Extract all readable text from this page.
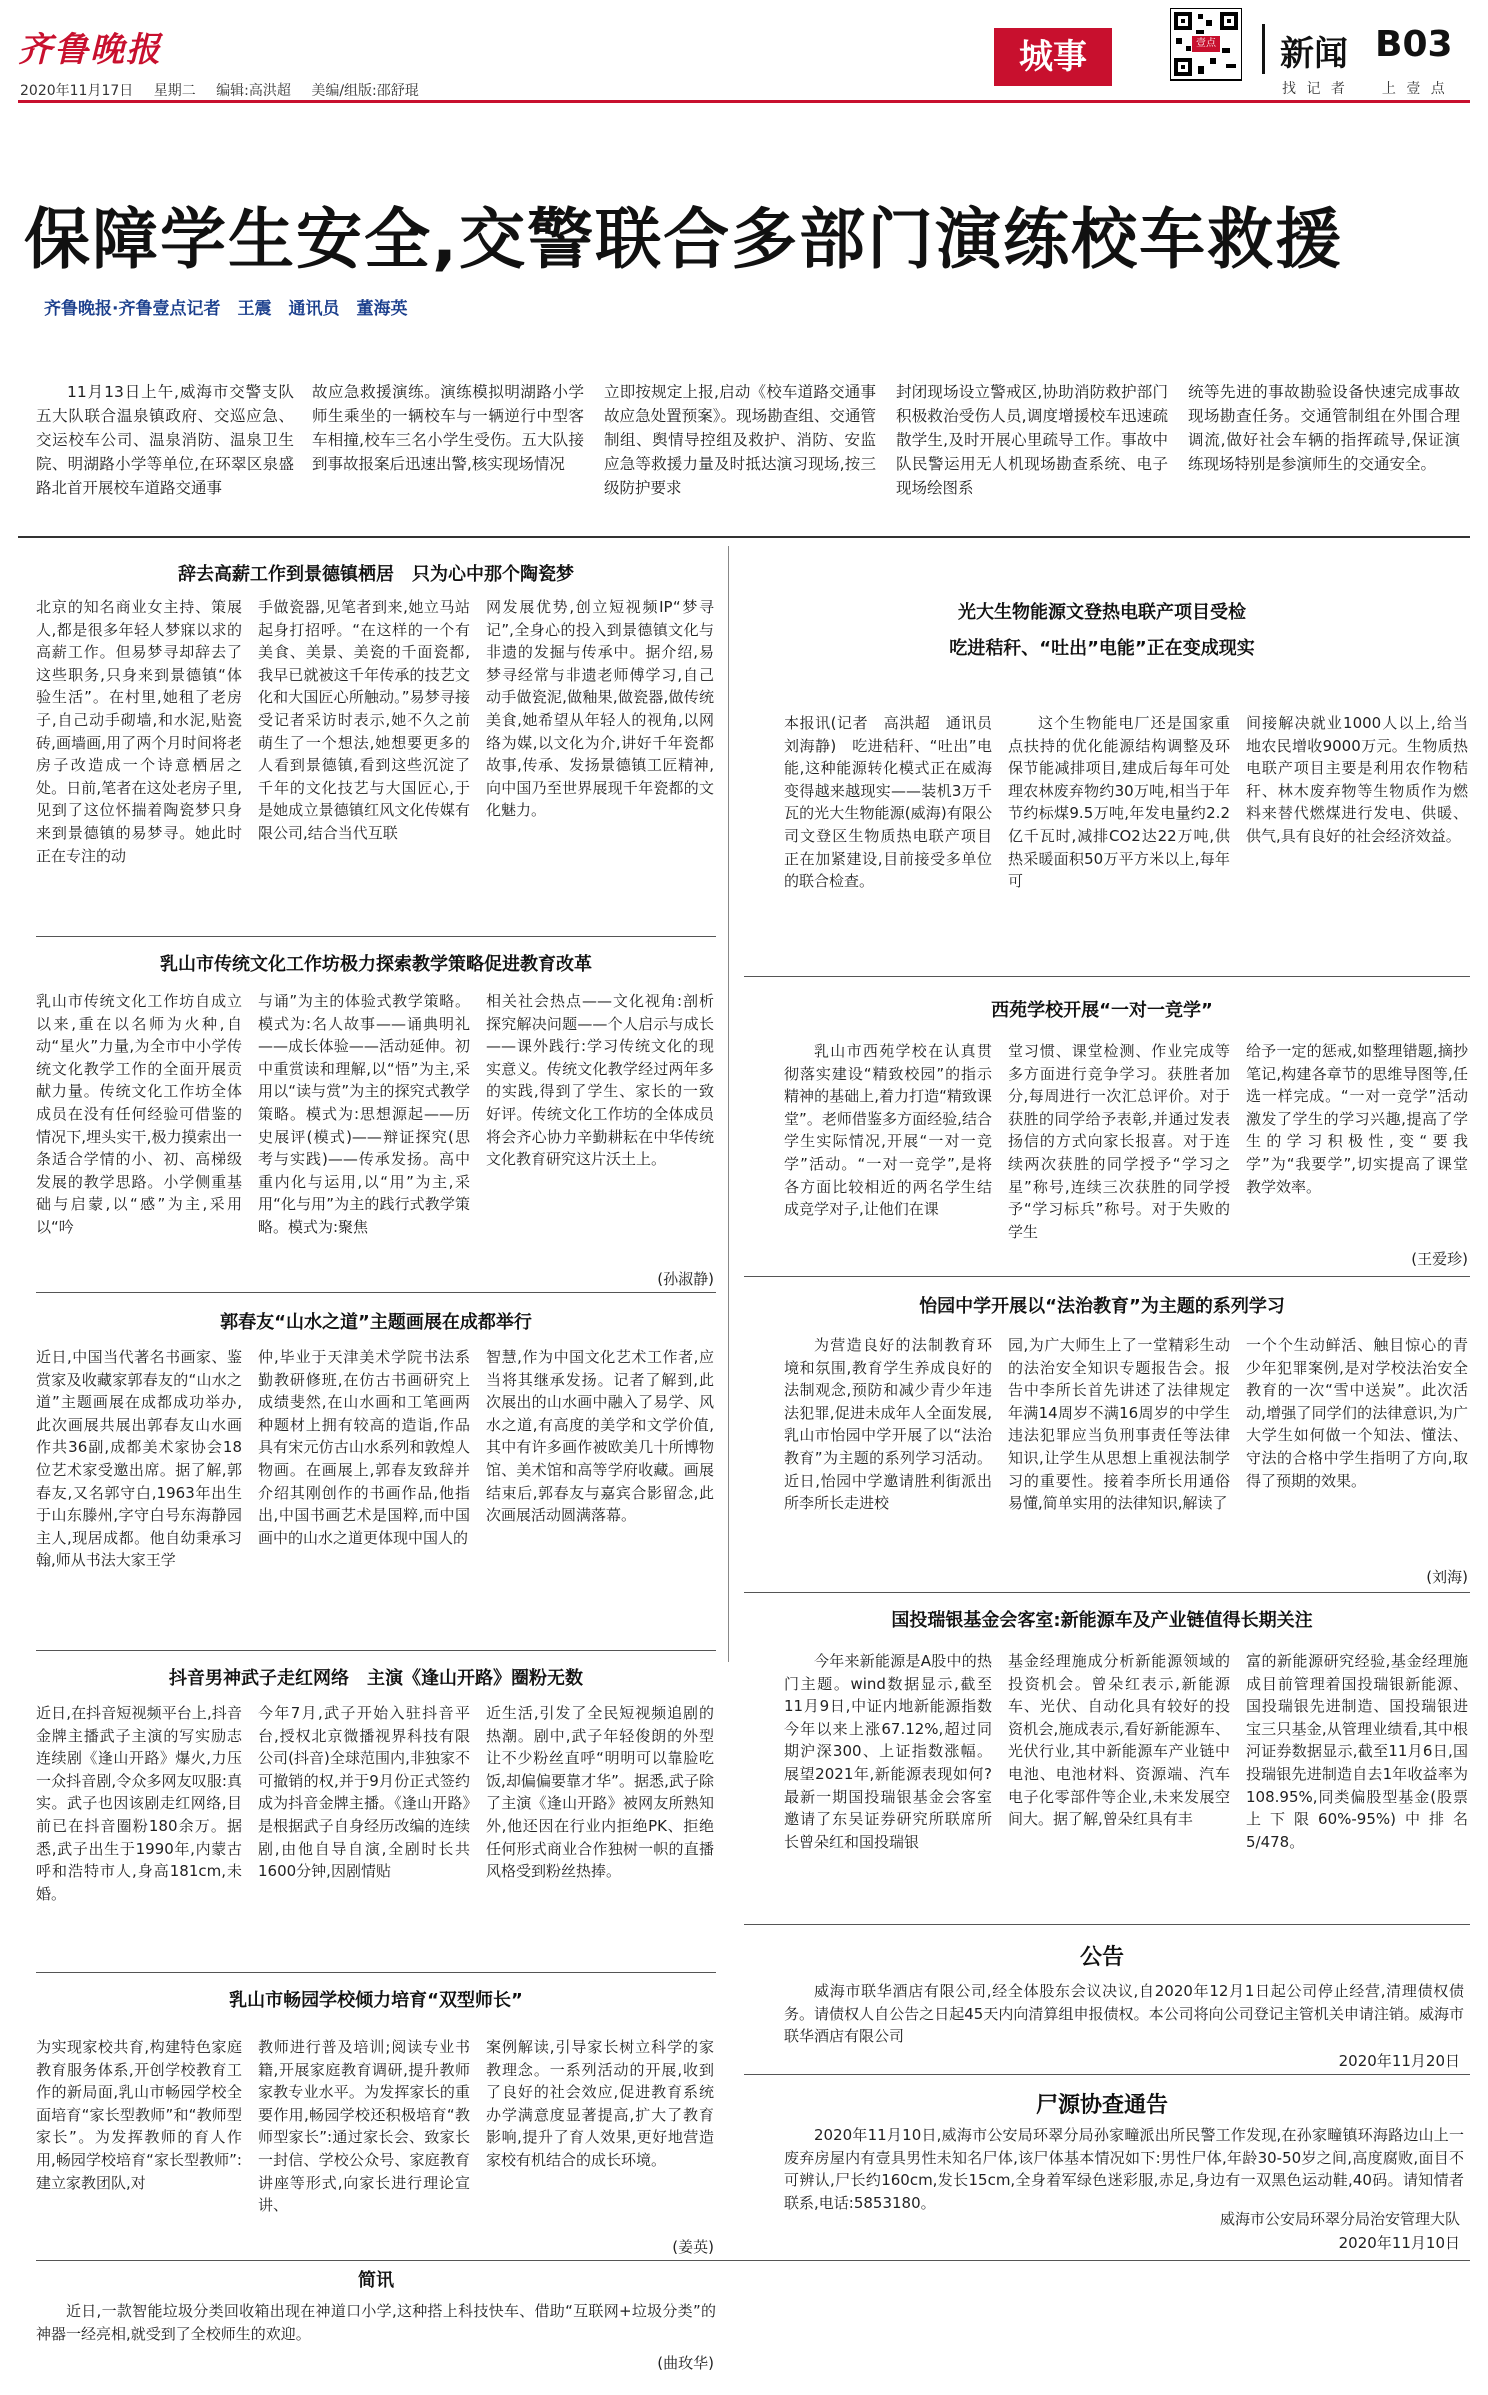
齐鲁晚报
2020年11月17日 星期二 编辑:高洪超 美编/组版:邵舒琨
城事	壹点 新闻 B03
找 记 者　　上 壹 点
保障学生安全,交警联合多部门演练校车救援
齐鲁晚报·齐鲁壹点记者　王震　通讯员　董海英
11月13日上午,威海市交警支队五大队联合温泉镇政府、交巡应急、交运校车公司、温泉消防、温泉卫生院、明湖路小学等单位,在环翠区泉盛路北首开展校车道路交通事
故应急救援演练。演练模拟明湖路小学师生乘坐的一辆校车与一辆逆行中型客车相撞,校车三名小学生受伤。五大队接到事故报案后迅速出警,核实现场情况
立即按规定上报,启动《校车道路交通事故应急处置预案》。现场勘查组、交通管制组、舆情导控组及救护、消防、安监应急等救援力量及时抵达演习现场,按三级防护要求
封闭现场设立警戒区,协助消防救护部门积极救治受伤人员,调度增援校车迅速疏散学生,及时开展心里疏导工作。事故中队民警运用无人机现场勘查系统、电子现场绘图系
统等先进的事故勘验设备快速完成事故现场勘查任务。交通管制组在外围合理调流,做好社会车辆的指挥疏导,保证演练现场特别是参演师生的交通安全。
辞去高薪工作到景德镇栖居　只为心中那个陶瓷梦
北京的知名商业女主持、策展人,都是很多年轻人梦寐以求的高薪工作。但易梦寻却辞去了这些职务,只身来到景德镇“体验生活”。在村里,她租了老房子,自己动手砌墙,和水泥,贴瓷砖,画墙画,用了两个月时间将老房子改造成一个诗意栖居之处。日前,笔者在这处老房子里,见到了这位怀揣着陶瓷梦只身来到景德镇的易梦寻。她此时正在专注的动
手做瓷器,见笔者到来,她立马站起身打招呼。“在这样的一个有美食、美景、美瓷的千面瓷都,我早已就被这千年传承的技艺文化和大国匠心所触动。”易梦寻接受记者采访时表示,她不久之前萌生了一个想法,她想要更多的人看到景德镇,看到这些沉淀了千年的文化技艺与大国匠心,于是她成立景德镇红风文化传媒有限公司,结合当代互联
网发展优势,创立短视频IP“梦寻记”,全身心的投入到景德镇文化与非遗的发掘与传承中。据介绍,易梦寻经常与非遗老师傅学习,自己动手做瓷泥,做釉果,做瓷器,做传统美食,她希望从年轻人的视角,以网络为媒,以文化为介,讲好千年瓷都故事,传承、发扬景德镇工匠精神,向中国乃至世界展现千年瓷都的文化魅力。
乳山市传统文化工作坊极力探索教学策略促进教育改革
乳山市传统文化工作坊自成立以来,重在以名师为火种,自动“星火”力量,为全市中小学传统文化教学工作的全面开展贡献力量。传统文化工作坊全体成员在没有任何经验可借鉴的情况下,埋头实干,极力摸索出一条适合学情的小、初、高梯级发展的教学思路。小学侧重基础与启蒙,以“感”为主,采用以“吟
与诵”为主的体验式教学策略。模式为:名人故事——诵典明礼——成长体验——活动延伸。初中重赏读和理解,以“悟”为主,采用以“读与赏”为主的探究式教学策略。模式为:思想源起——历史展评(模式)——辩证探究(思考与实践)——传承发扬。高中重内化与运用,以“用”为主,采用“化与用”为主的践行式教学策略。模式为:聚焦
相关社会热点——文化视角:剖析探究解决问题——个人启示与成长——课外践行:学习传统文化的现实意义。传统文化教学经过两年多的实践,得到了学生、家长的一致好评。传统文化工作坊的全体成员将会齐心协力辛勤耕耘在中华传统文化教育研究这片沃土上。
(孙淑静)
郭春友“山水之道”主题画展在成都举行
近日,中国当代著名书画家、鉴赏家及收藏家郭春友的“山水之道”主题画展在成都成功举办,此次画展共展出郭春友山水画作共36副,成都美术家协会18位艺术家受邀出席。据了解,郭春友,又名郭守白,1963年出生于山东滕州,字守白号东海静园主人,现居成都。他自幼秉承习翰,师从书法大家王学
仲,毕业于天津美术学院书法系勤教研修班,在仿古书画研究上成绩斐然,在山水画和工笔画两种题材上拥有较高的造诣,作品具有宋元仿古山水系列和敦煌人物画。在画展上,郭春友致辞并介绍其刚创作的书画作品,他指出,中国书画艺术是国粹,而中国画中的山水之道更体现中国人的
智慧,作为中国文化艺术工作者,应当将其继承发扬。记者了解到,此次展出的山水画中融入了易学、风水之道,有高度的美学和文学价值,其中有许多画作被欧美几十所博物馆、美术馆和高等学府收藏。画展结束后,郭春友与嘉宾合影留念,此次画展活动圆满落幕。
抖音男神武子走红网络　主演《逢山开路》圈粉无数
近日,在抖音短视频平台上,抖音金牌主播武子主演的写实励志连续剧《逢山开路》爆火,力压一众抖音剧,令众多网友叹服:真实。武子也因该剧走红网络,目前已在抖音圈粉180余万。据悉,武子出生于1990年,内蒙古呼和浩特市人,身高181cm,未婚。
今年7月,武子开始入驻抖音平台,授权北京微播视界科技有限公司(抖音)全球范围内,非独家不可撤销的权,并于9月份正式签约成为抖音金牌主播。《逢山开路》是根据武子自身经历改编的连续剧,由他自导自演,全剧时长共1600分钟,因剧情贴
近生活,引发了全民短视频追剧的热潮。剧中,武子年轻俊朗的外型让不少粉丝直呼“明明可以靠脸吃饭,却偏偏要靠才华”。据悉,武子除了主演《逢山开路》被网友所熟知外,他还因在行业内拒绝PK、拒绝任何形式商业合作独树一帜的直播风格受到粉丝热捧。
乳山市畅园学校倾力培育“双型师长”
为实现家校共育,构建特色家庭教育服务体系,开创学校教育工作的新局面,乳山市畅园学校全面培育“家长型教师”和“教师型家长”。为发挥教师的育人作用,畅园学校培育“家长型教师”:建立家教团队,对
教师进行普及培训;阅读专业书籍,开展家庭教育调研,提升教师家教专业水平。为发挥家长的重要作用,畅园学校还积极培育“教师型家长”:通过家长会、致家长一封信、学校公众号、家庭教育讲座等形式,向家长进行理论宣讲、
案例解读,引导家长树立科学的家教理念。一系列活动的开展,收到了良好的社会效应,促进教育系统办学满意度显著提高,扩大了教育影响,提升了育人效果,更好地营造家校有机结合的成长环境。
(姜英)
简讯
近日,一款智能垃圾分类回收箱出现在神道口小学,这种搭上科技快车、借助“互联网+垃圾分类”的神器一经亮相,就受到了全校师生的欢迎。
(曲玫华)
光大生物能源文登热电联产项目受检
吃进秸秆、“吐出”电能”正在变成现实
本报讯(记者　高洪超　通讯员　刘海静)　吃进秸秆、“吐出”电能,这种能源转化模式正在威海变得越来越现实——装机3万千瓦的光大生物能源(威海)有限公司文登区生物质热电联产项目正在加紧建设,目前接受多单位的联合检查。
这个生物能电厂还是国家重点扶持的优化能源结构调整及环保节能减排项目,建成后每年可处理农林废弃物约30万吨,相当于年节约标煤9.5万吨,年发电量约2.2亿千瓦时,减排CO2达22万吨,供热采暖面积50万平方米以上,每年可
间接解决就业1000人以上,给当地农民增收9000万元。生物质热电联产项目主要是利用农作物秸秆、林木废弃物等生物质作为燃料来替代燃煤进行发电、供暖、供气,具有良好的社会经济效益。
西苑学校开展“一对一竞学”
乳山市西苑学校在认真贯彻落实建设“精致校园”的指示精神的基础上,着力打造“精致课堂”。老师借鉴多方面经验,结合学生实际情况,开展“一对一竞学”活动。“一对一竞学”,是将各方面比较相近的两名学生结成竞学对子,让他们在课
堂习惯、课堂检测、作业完成等多方面进行竞争学习。获胜者加分,每周进行一次汇总评价。对于获胜的同学给予表彰,并通过发表扬信的方式向家长报喜。对于连续两次获胜的同学授予“学习之星”称号,连续三次获胜的同学授予“学习标兵”称号。对于失败的学生
给予一定的惩戒,如整理错题,摘抄笔记,构建各章节的思维导图等,任选一样完成。“一对一竞学”活动激发了学生的学习兴趣,提高了学生的学习积极性,变“要我学”为“我要学”,切实提高了课堂教学效率。
(王爱珍)
怡园中学开展以“法治教育”为主题的系列学习
为营造良好的法制教育环境和氛围,教育学生养成良好的法制观念,预防和减少青少年违法犯罪,促进未成年人全面发展,乳山市怡园中学开展了以“法治教育”为主题的系列学习活动。近日,怡园中学邀请胜利街派出所李所长走进校
园,为广大师生上了一堂精彩生动的法治安全知识专题报告会。报告中李所长首先讲述了法律规定年满14周岁不满16周岁的中学生违法犯罪应当负刑事责任等法律知识,让学生从思想上重视法制学习的重要性。接着李所长用通俗易懂,简单实用的法律知识,解读了
一个个生动鲜活、触目惊心的青少年犯罪案例,是对学校法治安全教育的一次“雪中送炭”。此次活动,增强了同学们的法律意识,为广大学生如何做一个知法、懂法、守法的合格中学生指明了方向,取得了预期的效果。
(刘海)
国投瑞银基金会客室:新能源车及产业链值得长期关注
今年来新能源是A股中的热门主题。wind数据显示,截至11月9日,中证内地新能源指数今年以来上涨67.12%,超过同期沪深300、上证指数涨幅。展望2021年,新能源表现如何?最新一期国投瑞银基金会客室邀请了东吴证券研究所联席所长曾朵红和国投瑞银
基金经理施成分析新能源领域的投资机会。曾朵红表示,新能源车、光伏、自动化具有较好的投资机会,施成表示,看好新能源车、光伏行业,其中新能源车产业链中电池、电池材料、资源端、汽车电子化零部件等企业,未来发展空间大。据了解,曾朵红具有丰
富的新能源研究经验,基金经理施成目前管理着国投瑞银新能源、国投瑞银先进制造、国投瑞银进宝三只基金,从管理业绩看,其中根河证券数据显示,截至11月6日,国投瑞银先进制造自去1年收益率为108.95%,同类偏股型基金(股票上下限60%-95%)中排名5/478。
公告
威海市联华酒店有限公司,经全体股东会议决议,自2020年12月1日起公司停止经营,清理债权债务。请债权人自公告之日起45天内向清算组申报债权。本公司将向公司登记主管机关申请注销。威海市联华酒店有限公司
2020年11月20日
尸源协查通告
2020年11月10日,威海市公安局环翠分局孙家疃派出所民警工作发现,在孙家疃镇环海路边山上一废弃房屋内有壹具男性未知名尸体,该尸体基本情况如下:男性尸体,年龄30-50岁之间,高度腐败,面目不可辨认,尸长约160cm,发长15cm,全身着军绿色迷彩服,赤足,身边有一双黑色运动鞋,40码。请知情者联系,电话:5853180。
威海市公安局环翠分局治安管理大队
2020年11月10日
